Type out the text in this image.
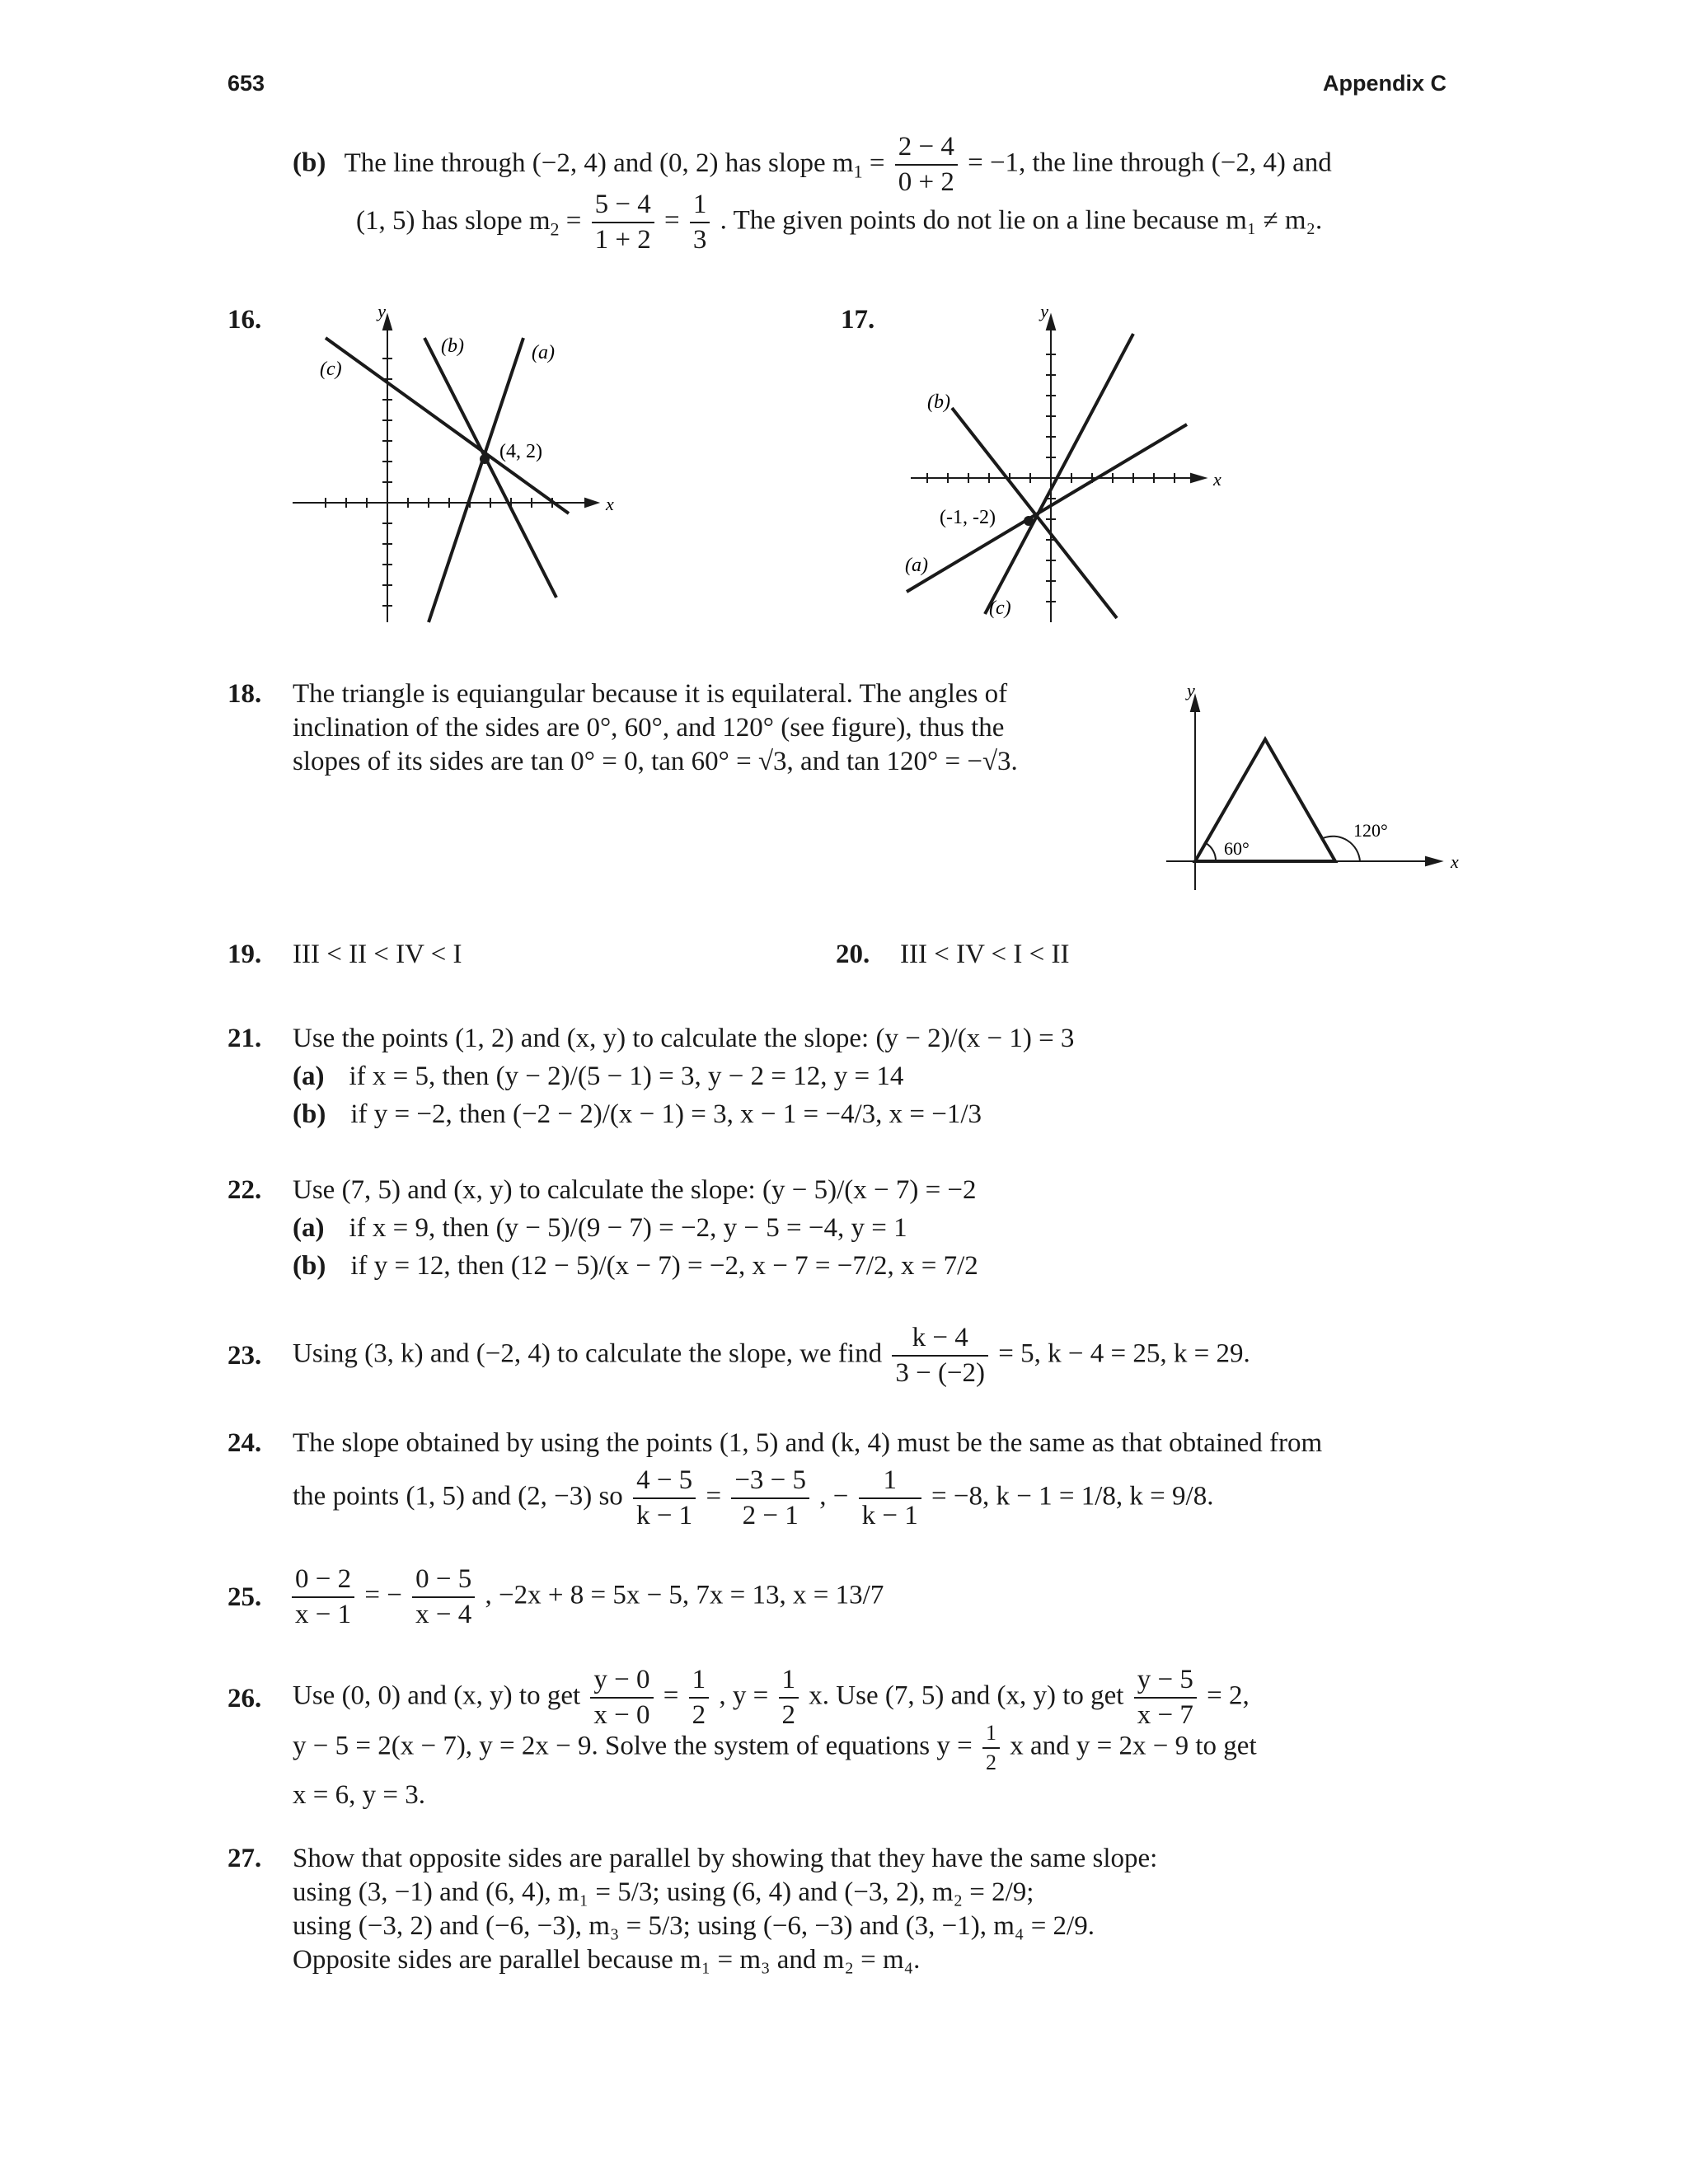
653	Appendix C
(b) The line through (−2, 4) and (0, 2) has slope $m_1 = \frac{2 - 4}{0 + 2} = -1$, the line through (−2, 4) and
(1, 5) has slope $m_2 = \frac{5 - 4}{1 + 2} = \frac{1}{3}$ . The given points do not lie on a line because m₁ ≠ m₂.
16.	y
x
(a)
(b)
(c)
(4, 2)
17.	y
x
(a)
(b)
(c)
(-1, -2)
18. The triangle is equiangular because it is equilateral. The angles of
inclination of the sides are 0°, 60°, and 120° (see figure), thus the
slopes of its sides are tan 0° = 0, tan 60° = √3, and tan 120° = −√3.
y
x
60°
120°
19. III < II < IV < I	20. III < IV < I < II
21. Use the points (1, 2) and (x, y) to calculate the slope: (y − 2)/(x − 1) = 3
(a) if x = 5, then (y − 2)/(5 − 1) = 3, y − 2 = 12, y = 14
(b) if y = −2, then (−2 − 2)/(x − 1) = 3, x − 1 = −4/3, x = −1/3
22. Use (7, 5) and (x, y) to calculate the slope: (y − 5)/(x − 7) = −2
(a) if x = 9, then (y − 5)/(9 − 7) = −2, y − 5 = −4, y = 1
(b) if y = 12, then (12 − 5)/(x − 7) = −2, x − 7 = −7/2, x = 7/2
23. Using (3, k) and (−2, 4) to calculate the slope, we find $\frac{k - 4}{3 - (-2)} = 5$, k − 4 = 25, k = 29.
24. The slope obtained by using the points (1, 5) and (k, 4) must be the same as that obtained from
the points (1, 5) and (2, −3) so $\frac{4 - 5}{k - 1} = \frac{-3 - 5}{2 - 1}$ , − $\frac{1}{k - 1} = -8$, k − 1 = 1/8, k = 9/8.
25. $\frac{0 - 2}{x - 1}$ = − $\frac{0 - 5}{x - 4}$ , −2x + 8 = 5x − 5, 7x = 13, x = 13/7
26. Use (0, 0) and (x, y) to get $\frac{y - 0}{x - 0} = \frac{1}{2}$ , $y = \frac{1}{2} x$. Use (7, 5) and (x, y) to get $\frac{y - 5}{x - 7} = 2$,
y − 5 = 2(x − 7), y = 2x − 9. Solve the system of equations $y = \frac{1}{2}$ x and y = 2x − 9 to get
x = 6, y = 3.
27. Show that opposite sides are parallel by showing that they have the same slope:
using (3, −1) and (6, 4), m₁ = 5/3; using (6, 4) and (−3, 2), m₂ = 2/9;
using (−3, 2) and (−6, −3), m₃ = 5/3; using (−6, −3) and (3, −1), m₄ = 2/9.
Opposite sides are parallel because m₁ = m₃ and m₂ = m₄.
